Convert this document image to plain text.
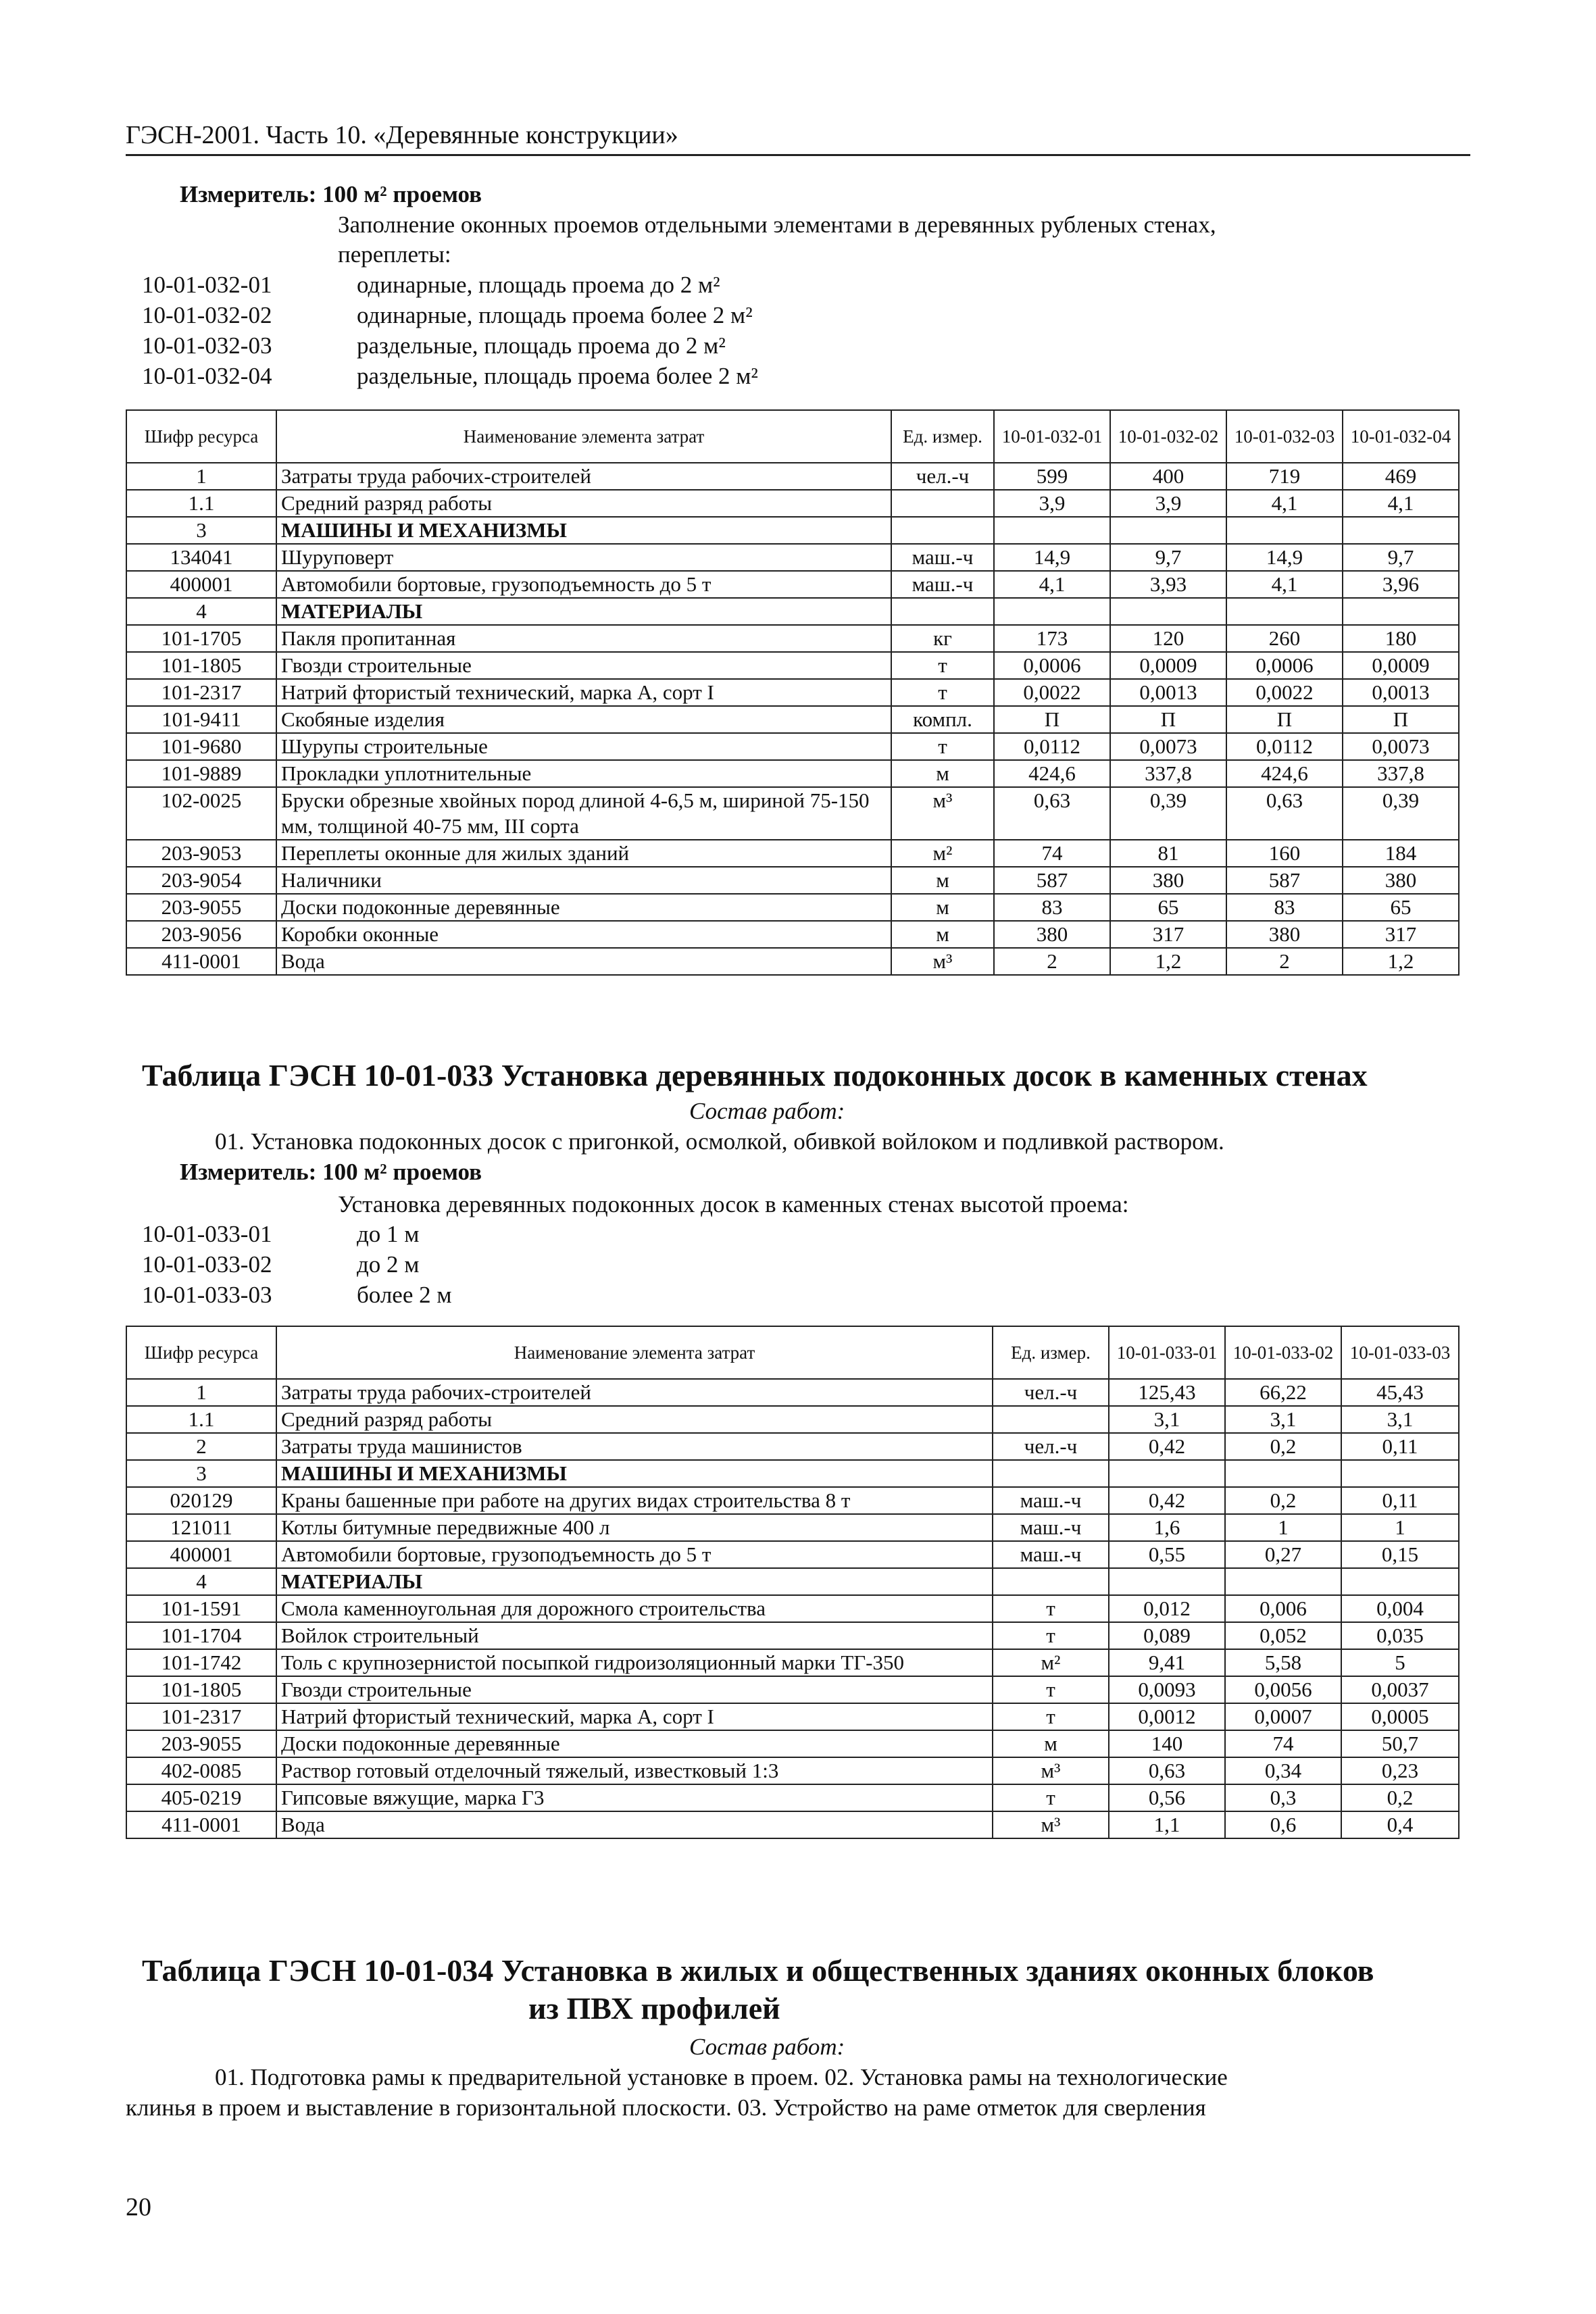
ГЭСН-2001. Часть 10. «Деревянные конструкции»
Измеритель: 100 м² проемов
Заполнение оконных проемов отдельными элементами в деревянных рубленых стенах,
переплеты:
10-01-032-01	одинарные, площадь проема до 2 м²
10-01-032-02	одинарные, площадь проема более 2 м²
10-01-032-03	раздельные, площадь проема до 2 м²
10-01-032-04	раздельные, площадь проема более 2 м²
Шифр ресурса	Наименование элемента затрат	Ед. измер.	10-01-032-01	10-01-032-02	10-01-032-03	10-01-032-04
1	Затраты труда рабочих-строителей	чел.-ч	599	400	719	469
1.1	Средний разряд работы		3,9	3,9	4,1	4,1
3	МАШИНЫ И МЕХАНИЗМЫ					
134041	Шуруповерт	маш.-ч	14,9	9,7	14,9	9,7
400001	Автомобили бортовые, грузоподъемность до 5 т	маш.-ч	4,1	3,93	4,1	3,96
4	МАТЕРИАЛЫ					
101-1705	Пакля пропитанная	кг	173	120	260	180
101-1805	Гвозди строительные	т	0,0006	0,0009	0,0006	0,0009
101-2317	Натрий фтористый технический, марка А, сорт I	т	0,0022	0,0013	0,0022	0,0013
101-9411	Скобяные изделия	компл.	П	П	П	П
101-9680	Шурупы строительные	т	0,0112	0,0073	0,0112	0,0073
101-9889	Прокладки уплотнительные	м	424,6	337,8	424,6	337,8
102-0025	Бруски обрезные хвойных пород длиной 4-6,5 м, шириной 75-150 мм, толщиной 40-75 мм, III сорта	м³	0,63	0,39	0,63	0,39
203-9053	Переплеты оконные для жилых зданий	м²	74	81	160	184
203-9054	Наличники	м	587	380	587	380
203-9055	Доски подоконные деревянные	м	83	65	83	65
203-9056	Коробки оконные	м	380	317	380	317
411-0001	Вода	м³	2	1,2	2	1,2
Таблица ГЭСН 10-01-033 Установка деревянных подоконных досок в каменных стенах
Состав работ:
01. Установка подоконных досок с пригонкой, осмолкой, обивкой войлоком и подливкой раствором.
Измеритель: 100 м² проемов
Установка деревянных подоконных досок в каменных стенах высотой проема:
10-01-033-01	до 1 м
10-01-033-02	до 2 м
10-01-033-03	более 2 м
Шифр ресурса	Наименование элемента затрат	Ед. измер.	10-01-033-01	10-01-033-02	10-01-033-03
1	Затраты труда рабочих-строителей	чел.-ч	125,43	66,22	45,43
1.1	Средний разряд работы		3,1	3,1	3,1
2	Затраты труда машинистов	чел.-ч	0,42	0,2	0,11
3	МАШИНЫ И МЕХАНИЗМЫ				
020129	Краны башенные при работе на других видах строительства 8 т	маш.-ч	0,42	0,2	0,11
121011	Котлы битумные передвижные 400 л	маш.-ч	1,6	1	1
400001	Автомобили бортовые, грузоподъемность до 5 т	маш.-ч	0,55	0,27	0,15
4	МАТЕРИАЛЫ				
101-1591	Смола каменноугольная для дорожного строительства	т	0,012	0,006	0,004
101-1704	Войлок строительный	т	0,089	0,052	0,035
101-1742	Толь с крупнозернистой посыпкой гидроизоляционный марки ТГ-350	м²	9,41	5,58	5
101-1805	Гвозди строительные	т	0,0093	0,0056	0,0037
101-2317	Натрий фтористый технический, марка А, сорт I	т	0,0012	0,0007	0,0005
203-9055	Доски подоконные деревянные	м	140	74	50,7
402-0085	Раствор готовый отделочный тяжелый, известковый 1:3	м³	0,63	0,34	0,23
405-0219	Гипсовые вяжущие, марка Г3	т	0,56	0,3	0,2
411-0001	Вода	м³	1,1	0,6	0,4
Таблица ГЭСН 10-01-034 Установка в жилых и общественных зданиях оконных блоков
из ПВХ профилей
Состав работ:
01. Подготовка рамы к предварительной установке в проем. 02. Установка рамы на технологические
клинья в проем и выставление в горизонтальной плоскости. 03. Устройство на раме отметок для сверления
20
